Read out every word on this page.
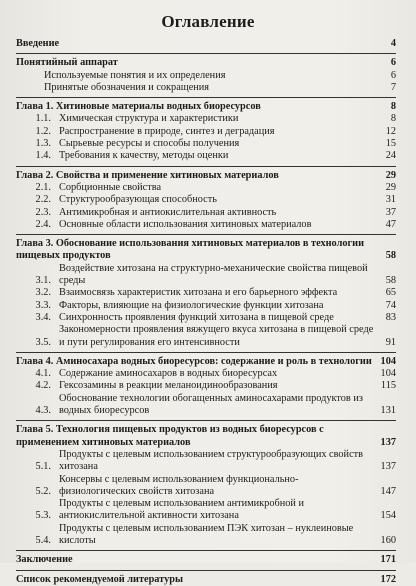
Оглавление
Введение	4
Понятийный аппарат	6
Используемые понятия и их определения	6
Принятые обозначения и сокращения	7
Глава 1. Хитиновые материалы водных биоресурсов	8
1.1. Химическая структура и характеристики	8
1.2. Распространение в природе, синтез и деградация	12
1.3. Сырьевые ресурсы и способы получения	15
1.4. Требования к качеству, методы оценки	24
Глава 2. Свойства и применение хитиновых материалов	29
2.1. Сорбционные свойства	29
2.2. Структурообразующая способность	31
2.3. Антимикробная и антиокислительная активность	37
2.4. Основные области использования хитиновых материалов	47
Глава 3. Обоснование использования хитиновых материалов в технологии пищевых продуктов	58
3.1.
Воздействие хитозана на структурно-механические свойства пищевой среды	58
3.2. Взаимосвязь характеристик хитозана и его барьерного эффекта	65
3.3. Факторы, влияющие на физиологические функции хитозана	74
3.4. Синхронность проявления функций хитозана в пищевой среде	83
3.5.
Закономерности проявления вяжущего вкуса хитозана в пищевой среде и пути регулирования его интенсивности	91
Глава 4. Аминосахара водных биоресурсов: содержание и роль в технологии 104
4.1. Содержание аминосахаров в водных биоресурсах	104
4.2. Гексозамины в реакции меланоидинообразования	115
4.3.
Обоснование технологии обогащенных аминосахарами продуктов из водных биоресурсов	131
Глава 5. Технология пищевых продуктов из водных биоресурсов с применением хитиновых материалов	137
5.1.
Продукты с целевым использованием структурообразующих свойств хитозана	137
5.2.
Консервы с целевым использованием функционально-физиологических свойств хитозана	147
5.3.
Продукты с целевым использованием антимикробной и антиокислительной активности хитозана	154
5.4.
Продукты с целевым использованием ПЭК хитозан – нуклеиновые кислоты	160
Заключение	171
Список рекомендуемой литературы	172
